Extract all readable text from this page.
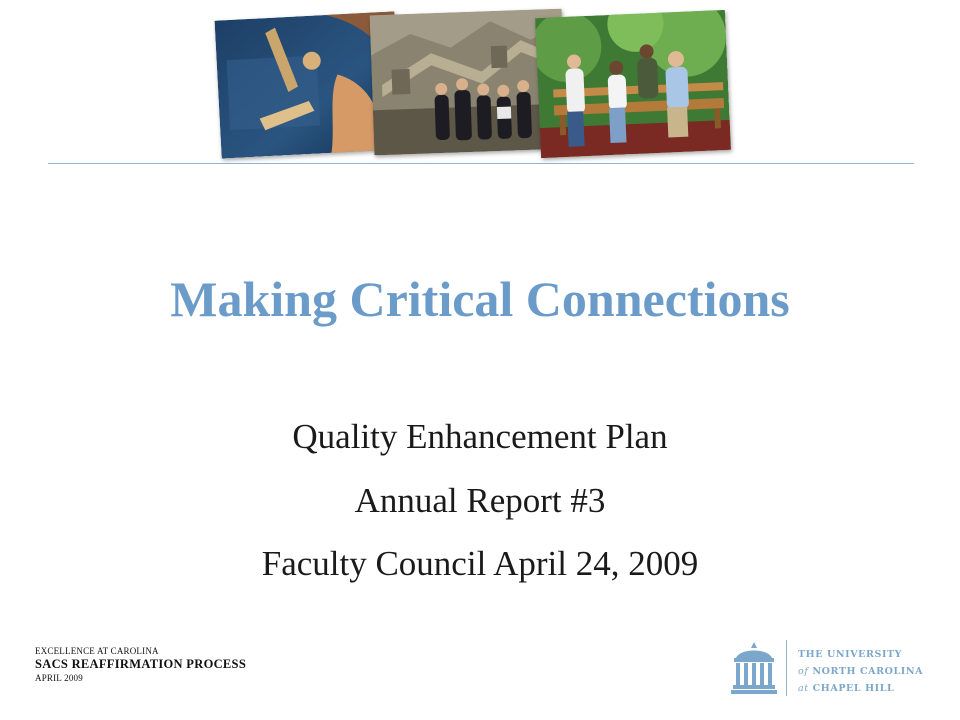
Making Critical Connections
Quality Enhancement Plan
Annual Report #3
Faculty Council April 24, 2009
EXCELLENCE AT CAROLINA
SACS REAFFIRMATION PROCESS
APRIL 2009
THE UNIVERSITY
of NORTH CAROLINA
at CHAPEL HILL
